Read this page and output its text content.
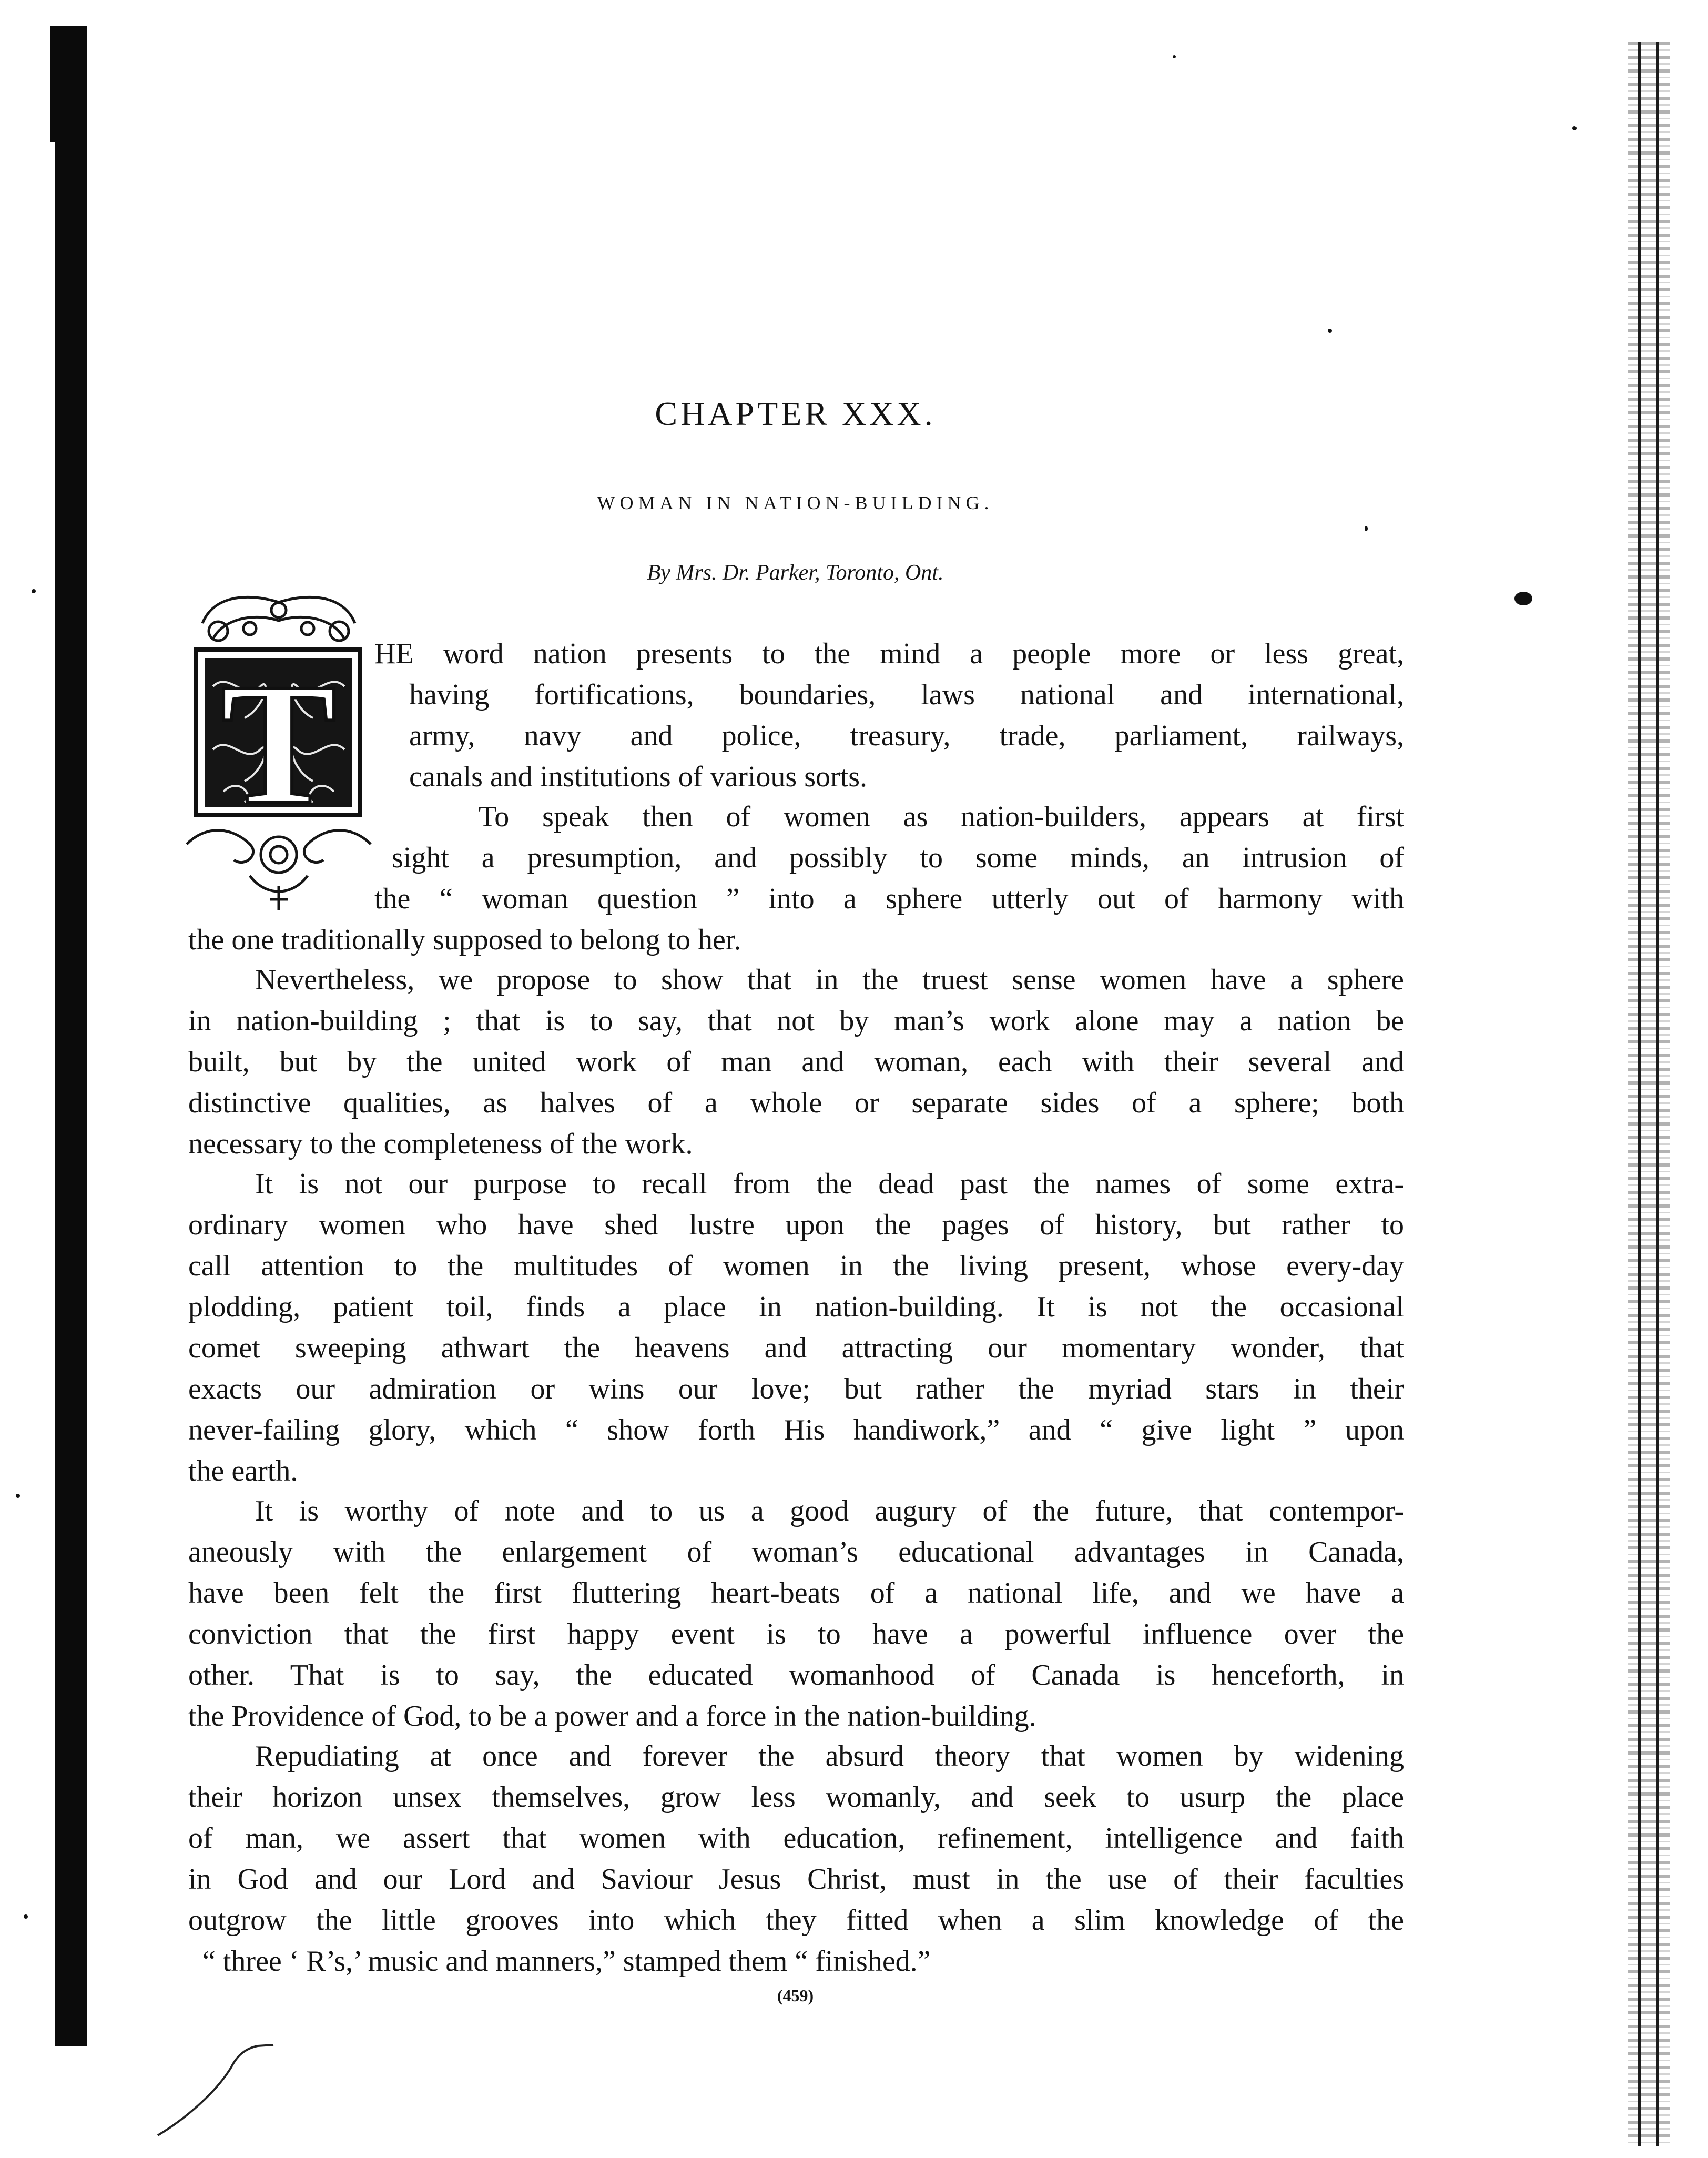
CHAPTER XXX.
WOMAN IN NATION-BUILDING.
By Mrs. Dr. Parker, Toronto, Ont.
T HE word nation presents to the mind a people more or less great,

having fortifications, boundaries, laws national and international,

army, navy and police, treasury, trade, parliament, railways,

canals and institutions of various sorts.

To speak then of women as nation-builders, appears at first

sight a presumption, and possibly to some minds, an intrusion of

the “ woman question ” into a sphere utterly out of harmony with

the one traditionally supposed to belong to her.

Nevertheless, we propose to show that in the truest sense women have a sphere

in nation-building ; that is to say, that not by man’s work alone may a nation be

built, but by the united work of man and woman, each with their several and

distinctive qualities, as halves of a whole or separate sides of a sphere; both

necessary to the completeness of the work.

It is not our purpose to recall from the dead past the names of some extra-

ordinary women who have shed lustre upon the pages of history, but rather to

call attention to the multitudes of women in the living present, whose every-day

plodding, patient toil, finds a place in nation-building. It is not the occasional

comet sweeping athwart the heavens and attracting our momentary wonder, that

exacts our admiration or wins our love; but rather the myriad stars in their

never-failing glory, which “ show forth His handiwork,” and “ give light ” upon

the earth.

It is worthy of note and to us a good augury of the future, that contempor-

aneously with the enlargement of woman’s educational advantages in Canada,

have been felt the first fluttering heart-beats of a national life, and we have a

conviction that the first happy event is to have a powerful influence over the

other. That is to say, the educated womanhood of Canada is henceforth, in

the Providence of God, to be a power and a force in the nation-building.

Repudiating at once and forever the absurd theory that women by widening

their horizon unsex themselves, grow less womanly, and seek to usurp the place

of man, we assert that women with education, refinement, intelligence and faith

in God and our Lord and Saviour Jesus Christ, must in the use of their faculties

outgrow the little grooves into which they fitted when a slim knowledge of the

“ three ‘ R’s,’ music and manners,” stamped them “ finished.”

(459)
